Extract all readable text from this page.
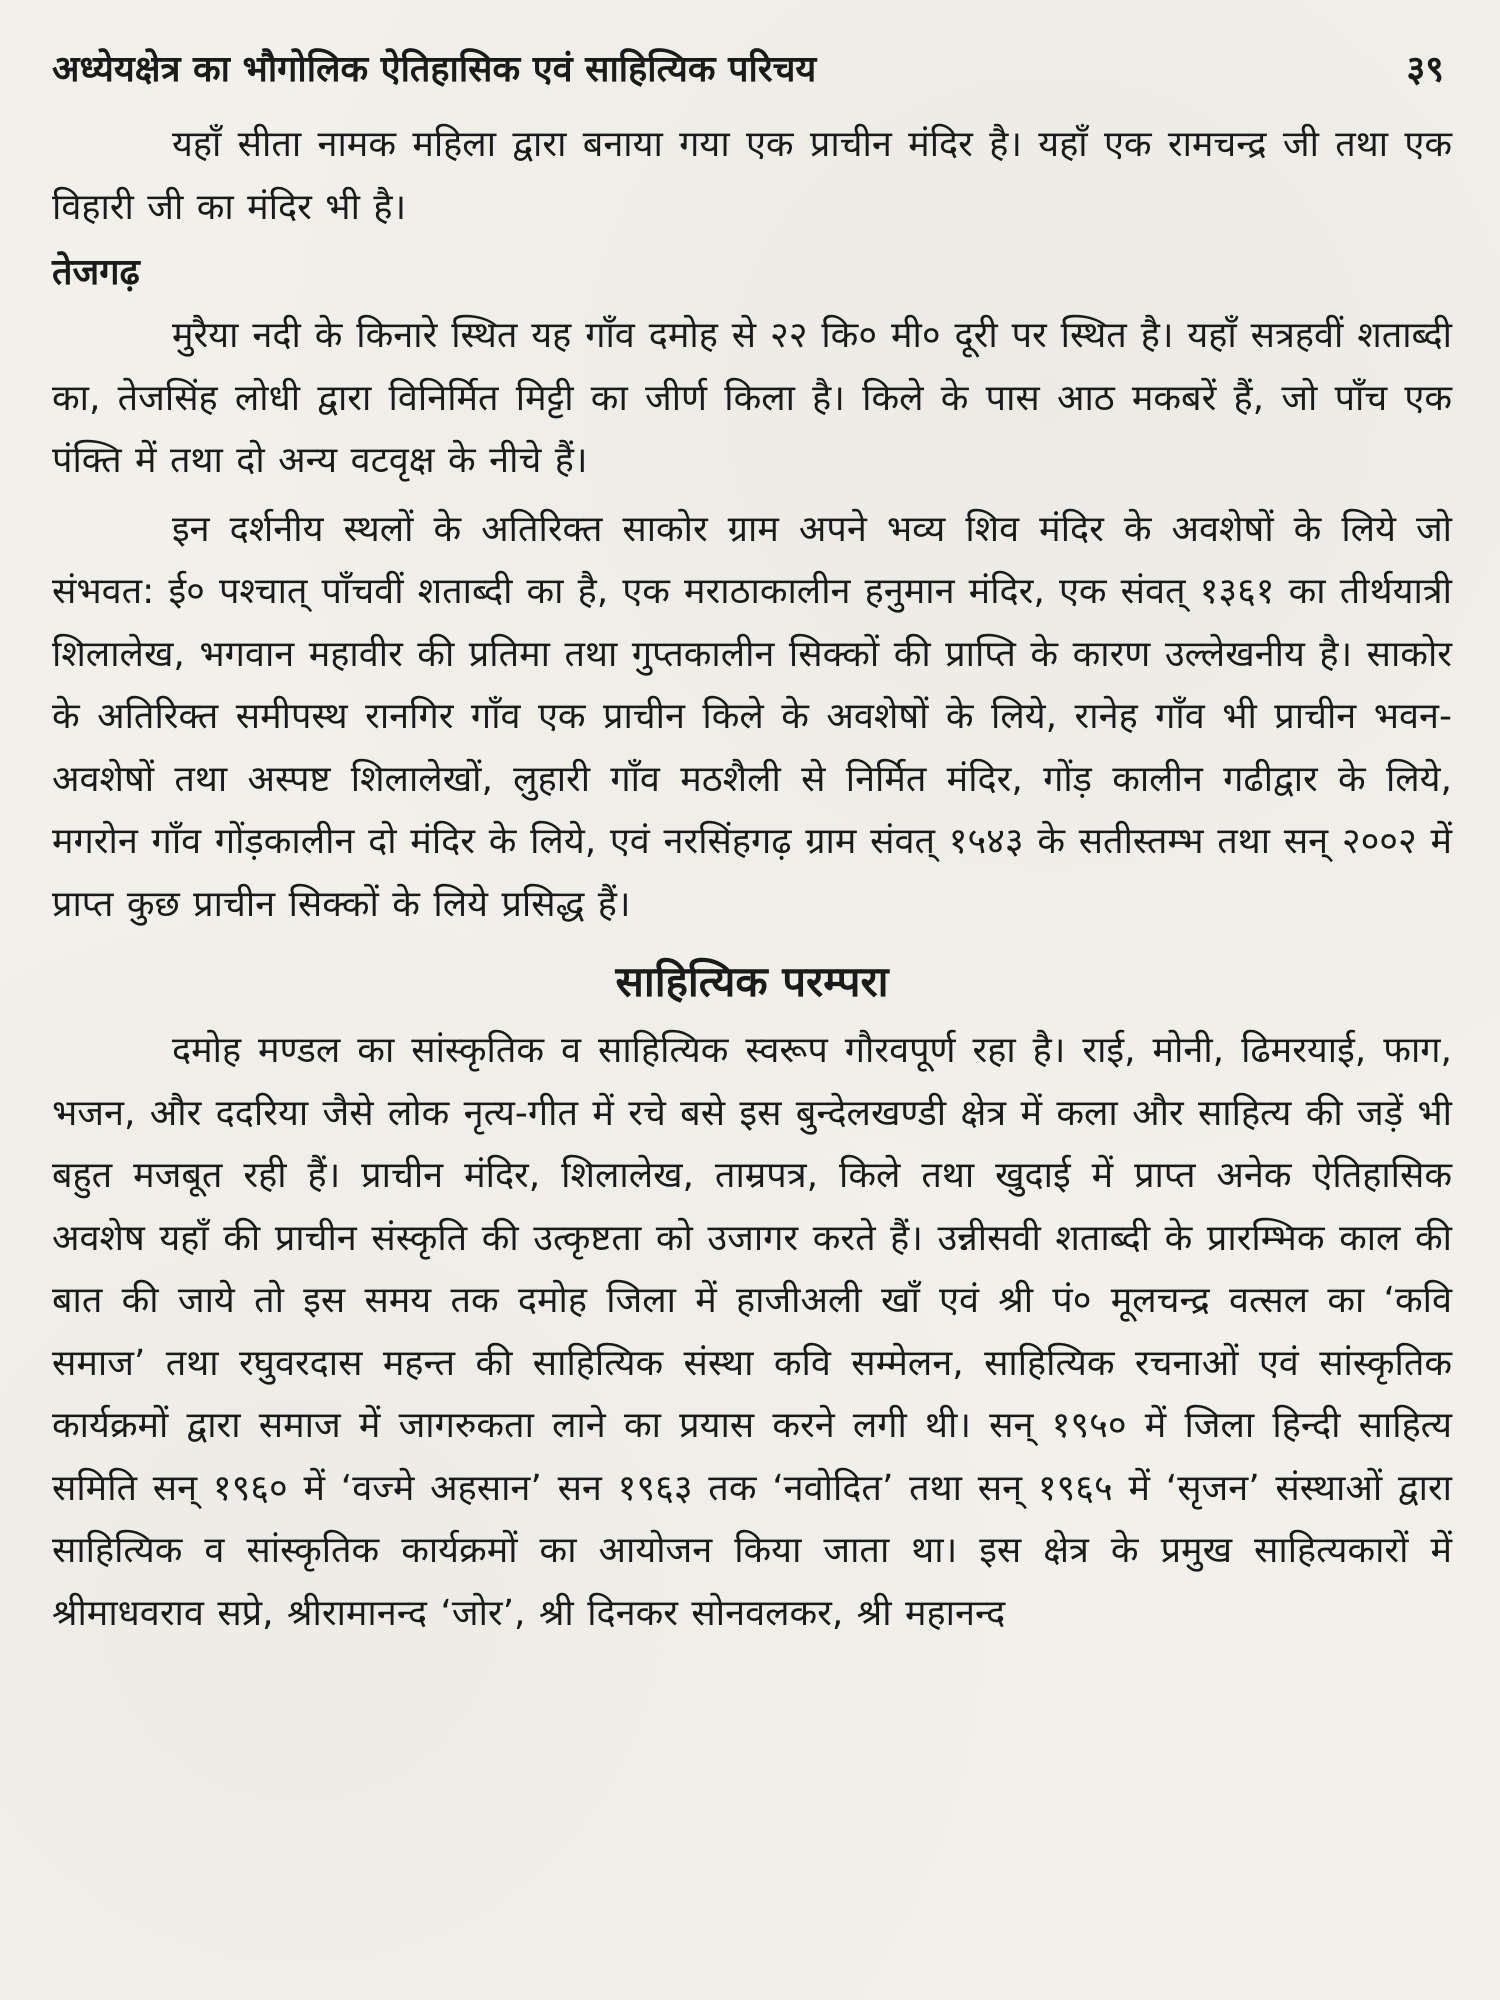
अध्येयक्षेत्र का भौगोलिक ऐतिहासिक एवं साहित्यिक परिचय	३९

यहाँ सीता नामक महिला द्वारा बनाया गया एक प्राचीन मंदिर है। यहाँ एक रामचन्द्र जी तथा एक विहारी जी का मंदिर भी है।

तेजगढ़

मुरैया नदी के किनारे स्थित यह गाँव दमोह से २२ कि० मी० दूरी पर स्थित है। यहाँ सत्रहवीं शताब्दी का, तेजसिंह लोधी द्वारा विनिर्मित मिट्टी का जीर्ण किला है। किले के पास आठ मकबरें हैं, जो पाँच एक पंक्ति में तथा दो अन्य वटवृक्ष के नीचे हैं।

इन दर्शनीय स्थलों के अतिरिक्त साकोर ग्राम अपने भव्य शिव मंदिर के अवशेषों के लिये जो संभवत: ई० पश्चात् पाँचवीं शताब्दी का है, एक मराठाकालीन हनुमान मंदिर, एक संवत् १३६१ का तीर्थयात्री शिलालेख, भगवान महावीर की प्रतिमा तथा गुप्तकालीन सिक्कों की प्राप्ति के कारण उल्लेखनीय है। साकोर के अतिरिक्त समीपस्थ रानगिर गाँव एक प्राचीन किले के अवशेषों के लिये, रानेह गाँव भी प्राचीन भवन-अवशेषों तथा अस्पष्ट शिलालेखों, लुहारी गाँव मठशैली से निर्मित मंदिर, गोंड़ कालीन गढीद्वार के लिये, मगरोन गाँव गोंड़कालीन दो मंदिर के लिये, एवं नरसिंहगढ़ ग्राम संवत् १५४३ के सतीस्तम्भ तथा सन् २००२ में प्राप्त कुछ प्राचीन सिक्कों के लिये प्रसिद्ध हैं।

साहित्यिक परम्परा

दमोह मण्डल का सांस्कृतिक व साहित्यिक स्वरूप गौरवपूर्ण रहा है। राई, मोनी, ढिमरयाई, फाग, भजन, और ददरिया जैसे लोक नृत्य-गीत में रचे बसे इस बुन्देलखण्डी क्षेत्र में कला और साहित्य की जड़ें भी बहुत मजबूत रही हैं। प्राचीन मंदिर, शिलालेख, ताम्रपत्र, किले तथा खुदाई में प्राप्त अनेक ऐतिहासिक अवशेष यहाँ की प्राचीन संस्कृति की उत्कृष्टता को उजागर करते हैं। उन्नीसवी शताब्दी के प्रारम्भिक काल की बात की जाये तो इस समय तक दमोह जिला में हाजीअली खाँ एवं श्री पं० मूलचन्द्र वत्सल का ‘कवि समाज’ तथा रघुवरदास महन्त की साहित्यिक संस्था कवि सम्मेलन, साहित्यिक रचनाओं एवं सांस्कृतिक कार्यक्रमों द्वारा समाज में जागरुकता लाने का प्रयास करने लगी थी। सन् १९५० में जिला हिन्दी साहित्य समिति सन् १९६० में ‘वज्मे अहसान’ सन १९६३ तक ‘नवोदित’ तथा सन् १९६५ में ‘सृजन’ संस्थाओं द्वारा साहित्यिक व सांस्कृतिक कार्यक्रमों का आयोजन किया जाता था। इस क्षेत्र के प्रमुख साहित्यकारों में श्रीमाधवराव सप्रे, श्रीरामानन्द ‘जोर’, श्री दिनकर सोनवलकर, श्री महानन्द
